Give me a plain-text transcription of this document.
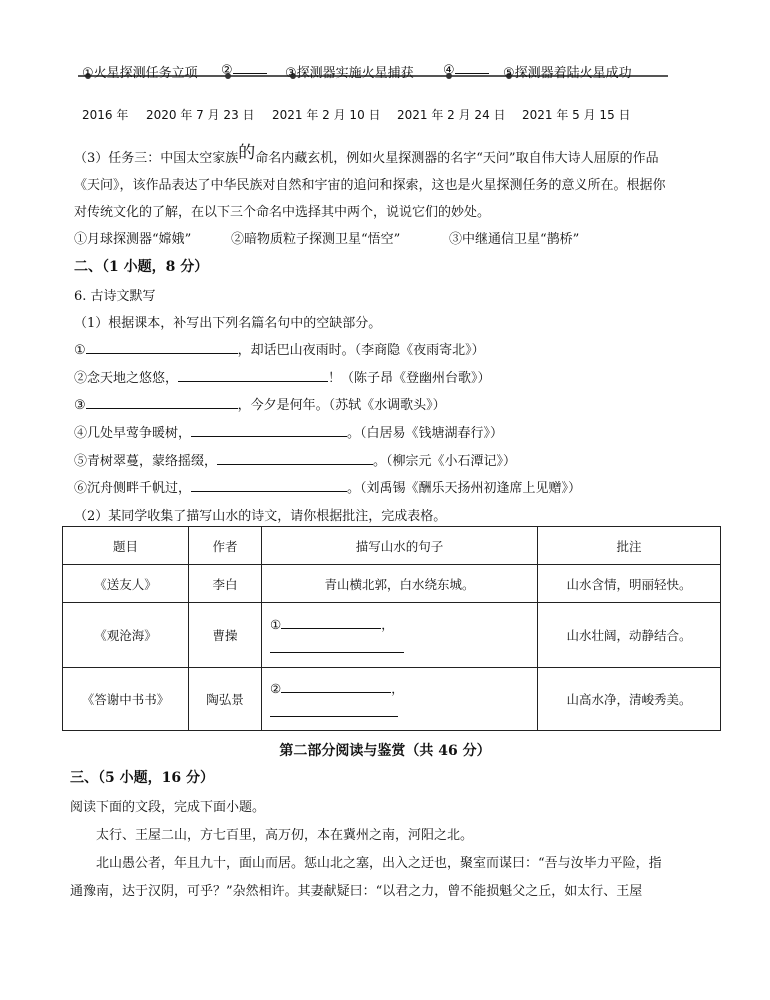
①火星探测任务立项 ②	③探测器实施火星捕获 ④	⑤探测器着陆火星成功
2016 年 2020 年 7 月 23 日 2021 年 2 月 10 日 2021 年 2 月 24 日 2021 年 5 月 15 日
（3）任务三：中国太空家族的命名内藏玄机，例如火星探测器的名字“天问”取自伟大诗人屈原的作品
《天问》，该作品表达了中华民族对自然和宇宙的追问和探索，这也是火星探测任务的意义所在。根据你
对传统文化的了解，在以下三个命名中选择其中两个，说说它们的妙处。
①月球探测器“嫦娥”	②暗物质粒子探测卫星“悟空”	③中继通信卫星“鹊桥”
二、（1 小题，8 分）
6. 古诗文默写
（1）根据课本，补写出下列名篇名句中的空缺部分。
①	，却话巴山夜雨时。（李商隐《夜雨寄北》）
②念天地之悠悠，	！（陈子昂《登幽州台歌》）
③	，今夕是何年。（苏轼《水调歌头》）
④几处早莺争暖树，	。（白居易《钱塘湖春行》）
⑤青树翠蔓，蒙络摇缀，	。（柳宗元《小石潭记》）
⑥沉舟侧畔千帆过，	。（刘禹锡《酬乐天扬州初逢席上见赠》）
（2）某同学收集了描写山水的诗文，请你根据批注，完成表格。
题目	作者	描写山水的句子	批注
《送友人》	李白	青山横北郭，白水绕东城。	山水含情，明丽轻快。
《观沧海》	曹操	① ，	山水壮阔，动静结合。
《答谢中书书》	陶弘景	② ，	山高水净，清峻秀美。
第二部分阅读与鉴赏（共 46 分）
三、（5 小题，16 分）
阅读下面的文段，完成下面小题。
太行、王屋二山，方七百里，高万仞，本在冀州之南，河阳之北。
北山愚公者，年且九十，面山而居。惩山北之塞，出入之迂也，聚室而谋曰：“吾与汝毕力平险，指
通豫南，达于汉阴，可乎？”杂然相许。其妻献疑曰：“以君之力，曾不能损魁父之丘，如太行、王屋
